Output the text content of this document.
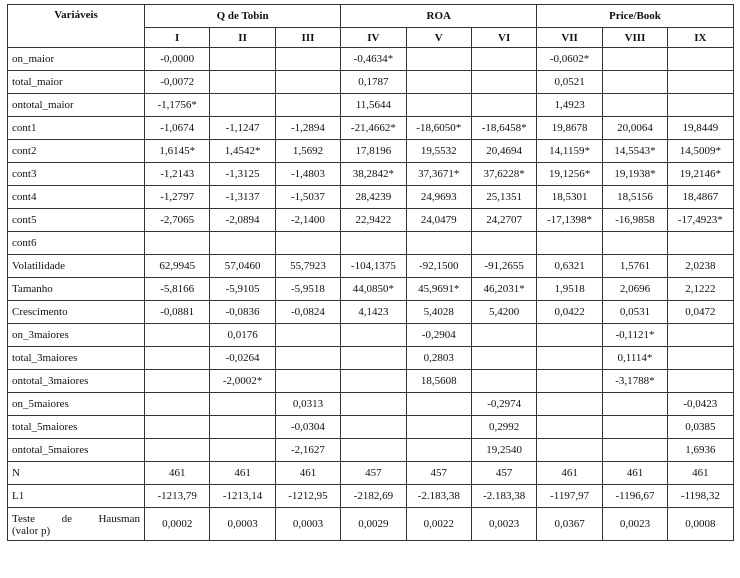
Variáveis	Q de Tobin			ROA			Price/Book		
	I	II	III	IV	V	VI	VII	VIII	IX
on_maior	-0,0000			-0,4634*			-0,0602*		
total_maior	-0,0072			0,1787			0,0521		
ontotal_maior	-1,1756*			11,5644			1,4923		
cont1	-1,0674	-1,1247	-1,2894	-21,4662*	-18,6050*	-18,6458*	19,8678	20,0064	19,8449
cont2	1,6145*	1,4542*	1,5692	17,8196	19,5532	20,4694	14,1159*	14,5543*	14,5009*
cont3	-1,2143	-1,3125	-1,4803	38,2842*	37,3671*	37,6228*	19,1256*	19,1938*	19,2146*
cont4	-1,2797	-1,3137	-1,5037	28,4239	24,9693	25,1351	18,5301	18,5156	18,4867
cont5	-2,7065	-2,0894	-2,1400	22,9422	24,0479	24,2707	-17,1398*	-16,9858	-17,4923*
cont6									
Volatilidade	62,9945	57,0460	55,7923	-104,1375	-92,1500	-91,2655	0,6321	1,5761	2,0238
Tamanho	-5,8166	-5,9105	-5,9518	44,0850*	45,9691*	46,2031*	1,9518	2,0696	2,1222
Crescimento	-0,0881	-0,0836	-0,0824	4,1423	5,4028	5,4200	0,0422	0,0531	0,0472
on_3maiores		0,0176			-0,2904			-0,1121*	
total_3maiores		-0,0264			0,2803			0,1114*	
ontotal_3maiores		-2,0002*			18,5608			-3,1788*	
on_5maiores			0,0313			-0,2974			-0,0423
total_5maiores			-0,0304			0,2992			0,0385
ontotal_5maiores			-2,1627			19,2540			1,6936
N	461	461	461	457	457	457	461	461	461
L1	-1213,79	-1213,14	-1212,95	-2182,69	-2.183,38	-2.183,38	-1197,97	-1196,67	-1198,32

Teste de Hausman
(valor p)	0,0002	0,0003	0,0003	0,0029	0,0022	0,0023	0,0367	0,0023	0,0008
